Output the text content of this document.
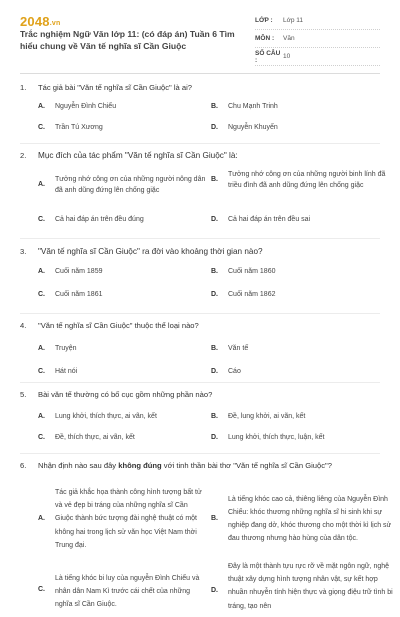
2048.vn
Trắc nghiệm Ngữ Văn lớp 11: (có đáp án) Tuần 6 Tìm hiểu chung về Văn tế nghĩa sĩ Cần Giuộc
LỚP :	Lớp 11
MÔN :	Văn
SỐ CÂU :	10
1.	Tác giả bài "Văn tế nghĩa sĩ Cần Giuộc" là ai?
A.	Nguyễn Đình Chiểu	B.	Chu Mạnh Trinh
C.	Trần Tú Xương	D.	Nguyễn Khuyến
2.	Mục đích của tác phẩm "Văn tế nghĩa sĩ Cần Giuộc" là:
A.
Tưởng nhớ công ơn của những người nông dân đã anh dũng đứng lên chống giặc
B.
Tưởng nhớ công ơn của những người binh lính đã triều đình đã anh dũng đứng lên chống giặc
C.	Cả hai đáp án trên đều đúng	D.	Cả hai đáp án trên đều sai
3.	"Văn tế nghĩa sĩ Cần Giuộc" ra đời vào khoảng thời gian nào?
A.	Cuối năm 1859	B.	Cuối năm 1860
C.	Cuối năm 1861	D.	Cuối năm 1862
4.	"Văn tế nghĩa sĩ Cần Giuộc" thuộc thể loại nào?
A.	Truyện	B.	Văn tế
C.	Hát nói	D.	Cáo
5.	Bài văn tế thường có bố cục gồm những phần nào?
A.	Lung khởi, thích thực, ai vãn, kết	B.	Đề, lung khởi, ai vãn, kết
C.	Đề, thích thực, ai vãn, kết	D.	Lung khởi, thích thực, luận, kết
6.	Nhận định nào sau đây không đúng với tinh thần bài thơ "Văn tế nghĩa sĩ Cần Giuộc"?
A.
Tác giả khắc họa thành công hình tượng bất tử và vẻ đẹp bi tráng của những nghĩa sĩ Cần Giuộc thành bức tượng đài nghệ thuật có một không hai trong lịch sử văn học Việt Nam thời Trung đại.
B.
Là tiếng khóc cao cả, thiêng liêng của Nguyễn Đình Chiểu: khóc thương những nghĩa sĩ hi sinh khi sự nghiệp đang dở, khóc thương cho một thời kì lịch sử đau thương nhưng hào hùng của dân tộc.
C.
Là tiếng khóc bi luy của nguyễn Đình Chiểu và nhân dân Nam Kì trước cái chết của những nghĩa sĩ Cần Giuộc.
D.
Đây là một thành tựu rực rỡ về mặt ngôn ngữ, nghệ thuật xây dựng hình tượng nhân vật, sự kết hợp nhuần nhuyễn tính hiện thực và giọng điệu trữ tình bi tráng, tạo nên
